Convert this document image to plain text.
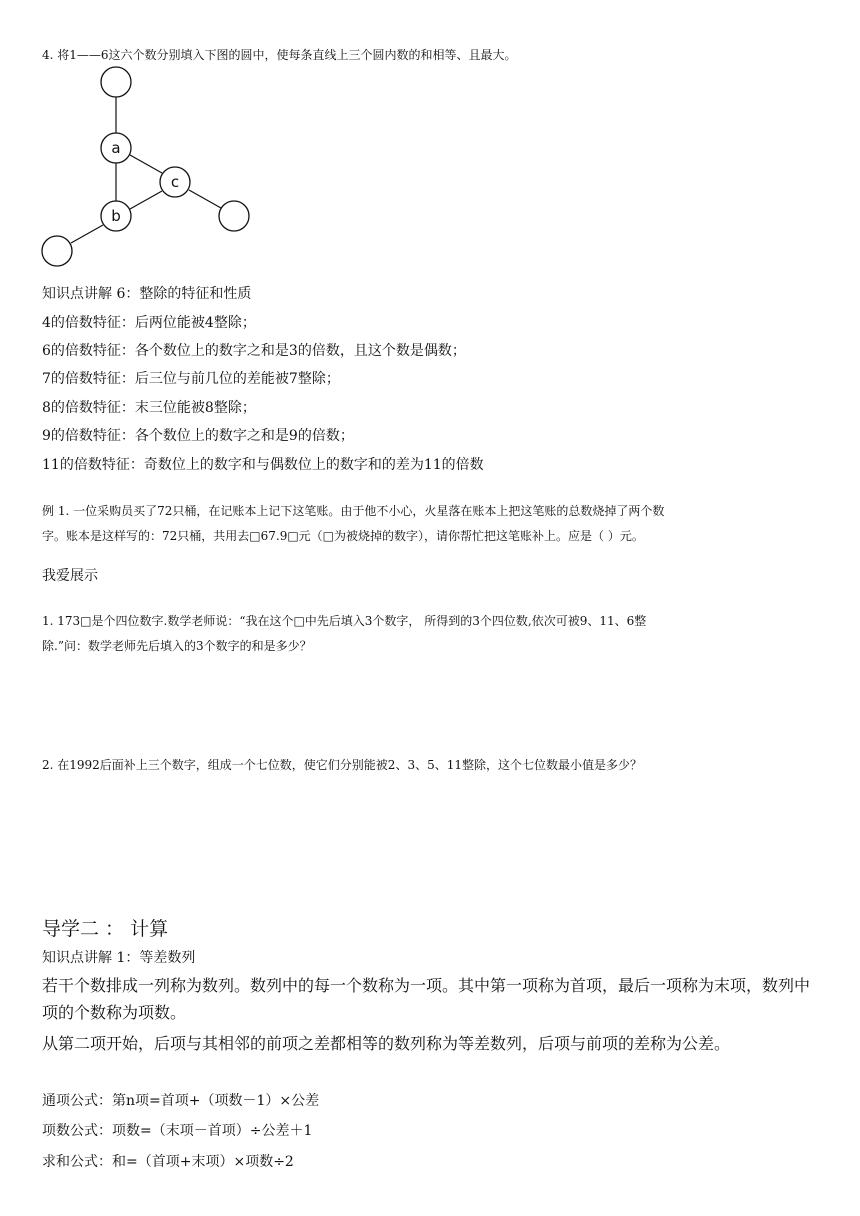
4. 将1——6这六个数分别填入下图的圆中，使每条直线上三个圆内数的和相等、且最大。
a
c
b
知识点讲解 6：整除的特征和性质
4的倍数特征：后两位能被4整除；
6的倍数特征：各个数位上的数字之和是3的倍数，且这个数是偶数；
7的倍数特征：后三位与前几位的差能被7整除；
8的倍数特征：末三位能被8整除；
9的倍数特征：各个数位上的数字之和是9的倍数；
11的倍数特征：奇数位上的数字和与偶数位上的数字和的差为11的倍数
例 1. 一位采购员买了72只桶，在记账本上记下这笔账。由于他不小心，火星落在账本上把这笔账的总数烧掉了两个数
字。账本是这样写的：72只桶，共用去□67.9□元（□为被烧掉的数字），请你帮忙把这笔账补上。应是（ ）元。
我爱展示
1. 173□是个四位数字.数学老师说：“我在这个□中先后填入3个数字， 所得到的3个四位数,依次可被9、11、6整
除.”问：数学老师先后填入的3个数字的和是多少？
2. 在1992后面补上三个数字，组成一个七位数，使它们分别能被2、3、5、11整除，这个七位数最小值是多少？
导学二 ： 计算
知识点讲解 1：等差数列
若干个数排成一列称为数列。数列中的每一个数称为一项。其中第一项称为首项，最后一项称为末项，数列中项的个数称为项数。
从第二项开始，后项与其相邻的前项之差都相等的数列称为等差数列，后项与前项的差称为公差。
通项公式：第n项=首项+（项数－1）×公差
项数公式：项数=（末项－首项）÷公差＋1
求和公式：和=（首项+末项）×项数÷2
